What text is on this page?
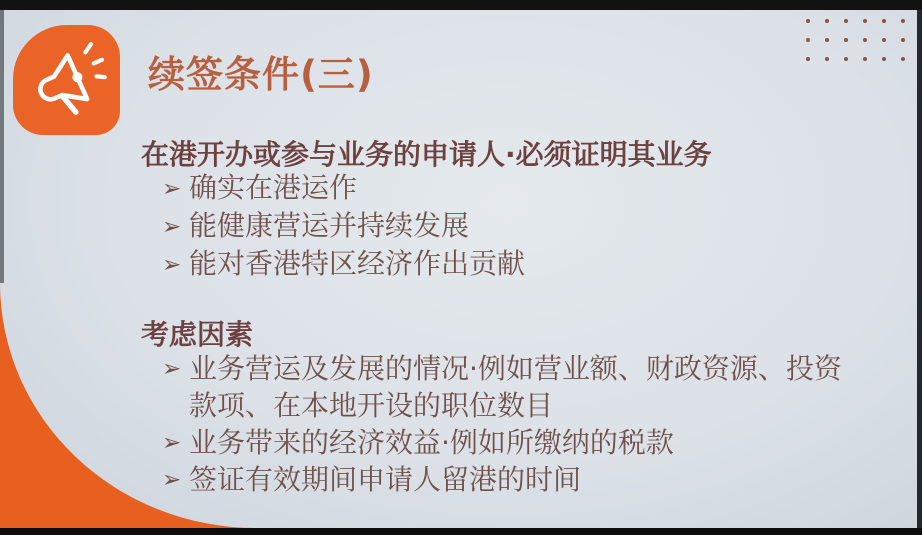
续签条件(三)
在港开办或参与业务的申请人·必须证明其业务
➢ 确实在港运作
➢ 能健康营运并持续发展
➢ 能对香港特区经济作出贡献
考虑因素
➢ 业务营运及发展的情况·例如营业额、财政资源、投资款项、在本地开设的职位数目
➢ 业务带来的经济效益·例如所缴纳的税款
➢ 签证有效期间申请人留港的时间
